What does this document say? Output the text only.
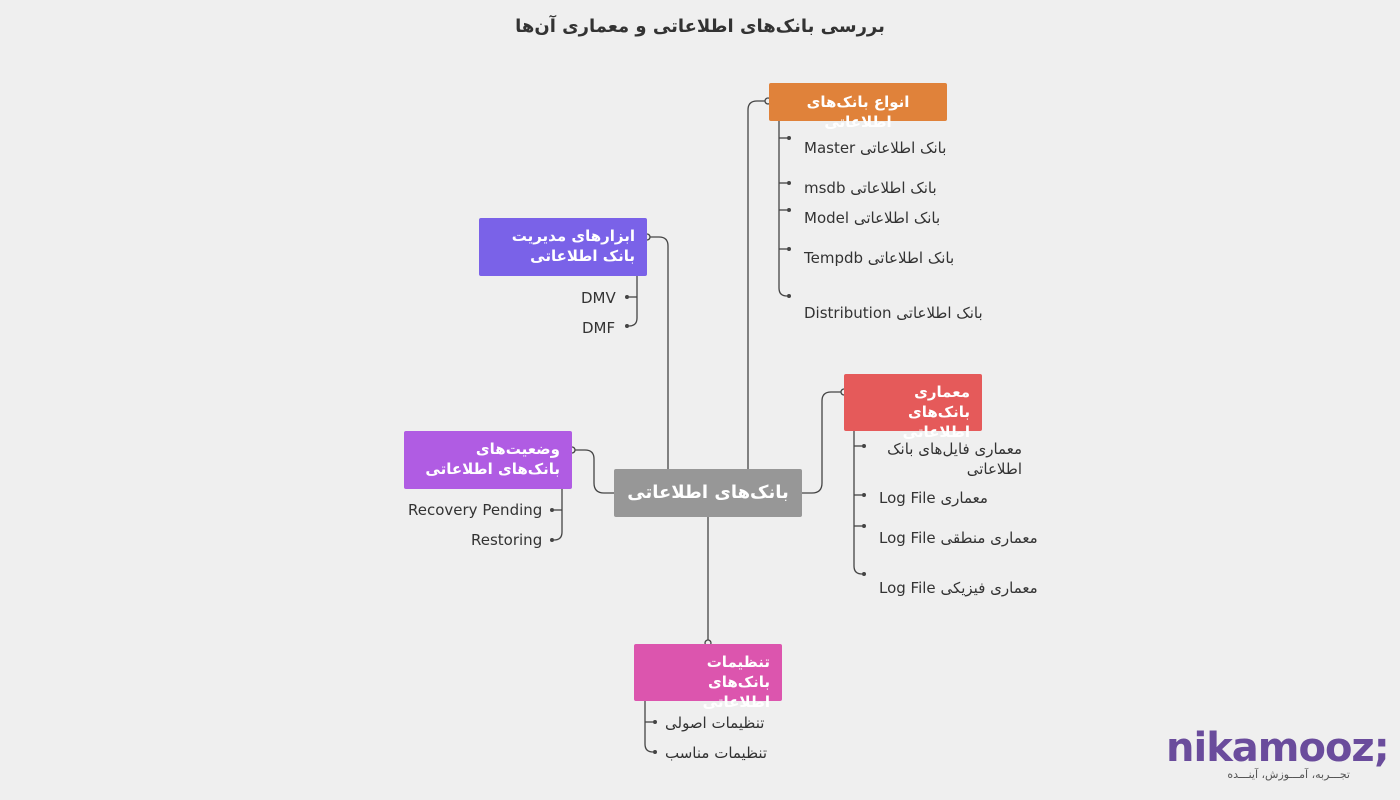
بررسی بانک‌های اطلاعاتی و معماری آن‌ها
بانک‌های اطلاعاتی
انواع بانک‌های اطلاعاتی
بانک اطلاعاتی Master
بانک اطلاعاتی msdb
بانک اطلاعاتی Model
بانک اطلاعاتی Tempdb
بانک اطلاعاتی Distribution
ابزارهای مدیریت بانک اطلاعاتی
DMV
DMF
معماری بانک‌های اطلاعاتی
معماری فایل‌های بانک اطلاعاتی
معماری Log File
معماری منطقی Log File
معماری فیزیکی Log File
وضعیت‌های بانک‌های اطلاعاتی
Recovery Pending
Restoring
تنظیمات بانک‌های اطلاعاتی
تنظیمات اصولی
تنظیمات مناسب	nikamooz;
تجـــربه، آمـــوزش، آینـــده
